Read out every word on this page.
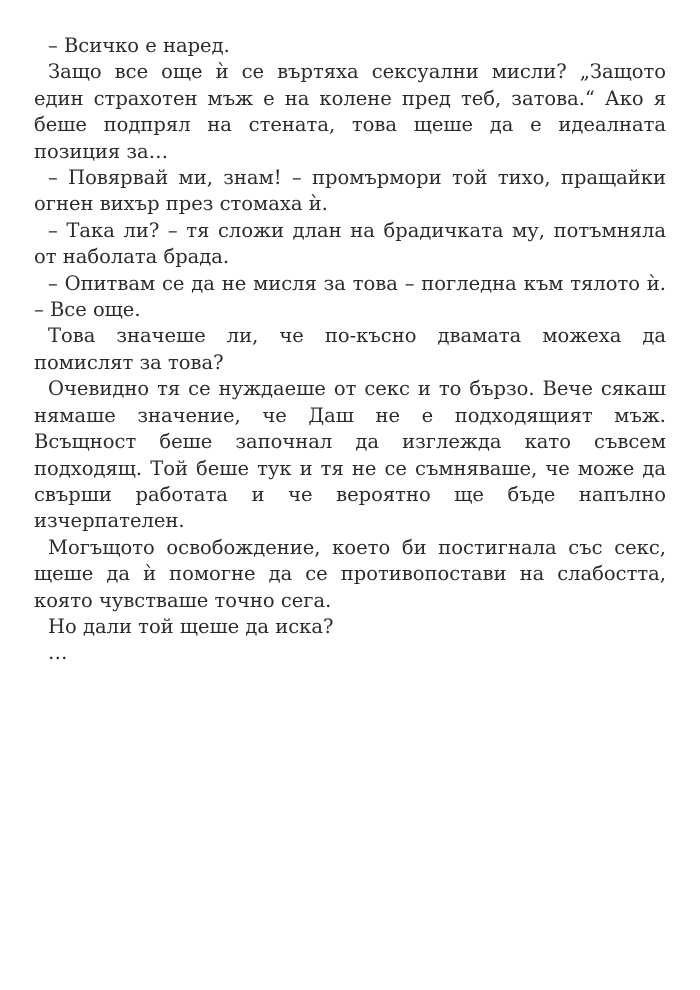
– Всичко е наред.

Защо все още ѝ се въртяха сексуални мисли? „Защото един страхотен мъж е на колене пред теб, затова.“ Ако я беше подпрял на стената, това щеше да е идеалната позиция за…

– Повярвай ми, знам! – промърмори той тихо, пращайки огнен вихър през стомаха ѝ.

– Така ли? – тя сложи длан на брадичката му, потъмняла от наболата брада.

– Опитвам се да не мисля за това – погледна към тялото ѝ. – Все още.

Това значеше ли, че по-късно двамата можеха да помислят за това?

Очевидно тя се нуждаеше от секс и то бързо. Вече сякаш нямаше значение, че Даш не е подходящият мъж. Всъщност беше започнал да изглежда като съвсем подходящ. Той беше тук и тя не се съмняваше, че може да свърши работата и че вероятно ще бъде напълно изчерпателен.

Могъщото освобождение, което би постигнала със секс, щеше да ѝ помогне да се противопостави на слабостта, която чувстваше точно сега.

Но дали той щеше да иска?

…
